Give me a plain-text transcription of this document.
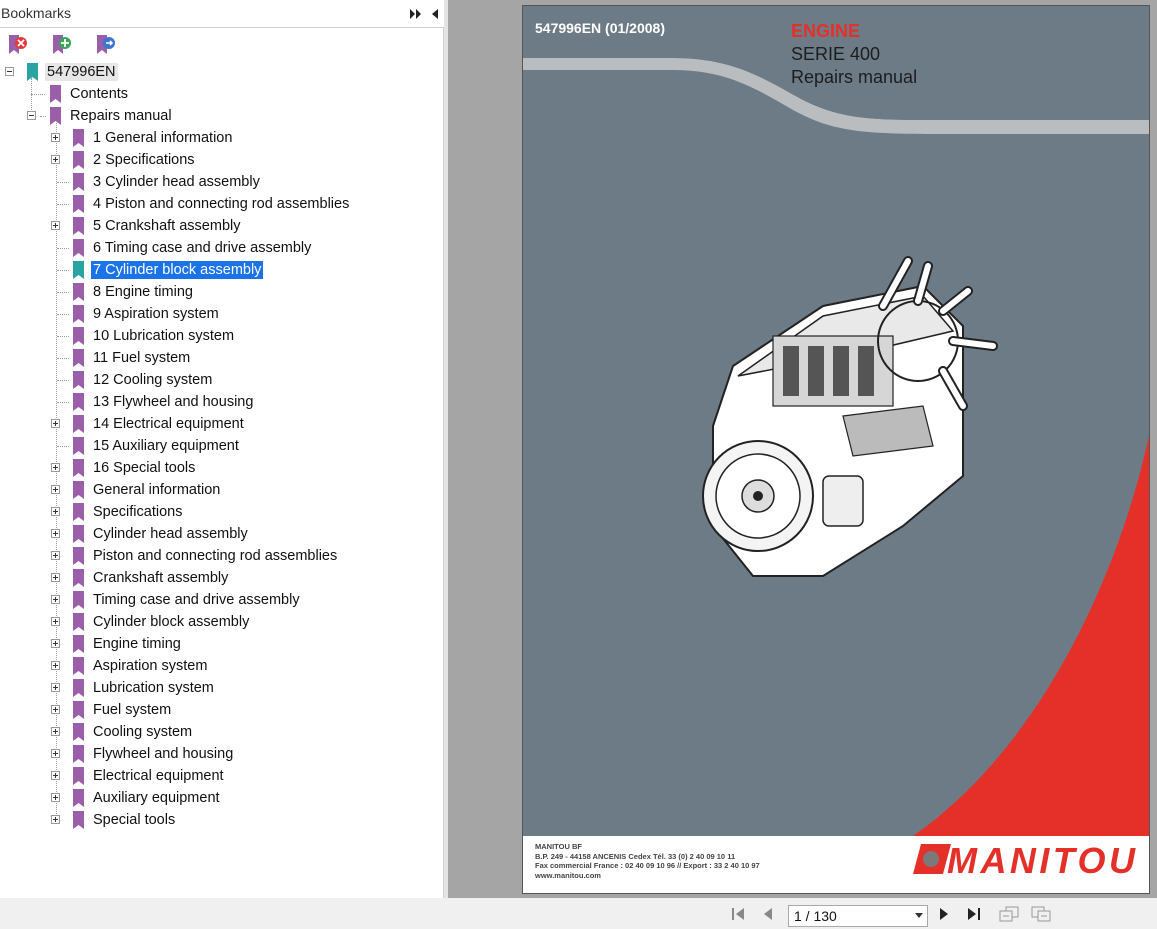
Bookmarks
547996EN
Contents
Repairs manual
1 General information
2 Specifications
3 Cylinder head assembly
4 Piston and connecting rod assemblies
5 Crankshaft assembly
6 Timing case and drive assembly
7 Cylinder block assembly
8 Engine timing
9 Aspiration system
10 Lubrication system
11 Fuel system
12 Cooling system
13 Flywheel and housing
14 Electrical equipment
15 Auxiliary equipment
16 Special tools
General information
Specifications
Cylinder head assembly
Piston and connecting rod assemblies
Crankshaft assembly
Timing case and drive assembly
Cylinder block assembly
Engine timing
Aspiration system
Lubrication system
Fuel system
Cooling system
Flywheel and housing
Electrical equipment
Auxiliary equipment
Special tools
547996EN (01/2008)	ENGINE
SERIE 400
Repairs manual
MANITOU BF
B.P. 249 - 44158 ANCENIS Cedex Tél. 33 (0) 2 40 09 10 11
Fax commercial France : 02 40 09 10 96 // Export : 33 2 40 10 97
www.manitou.com	MANITOU
1 / 130
